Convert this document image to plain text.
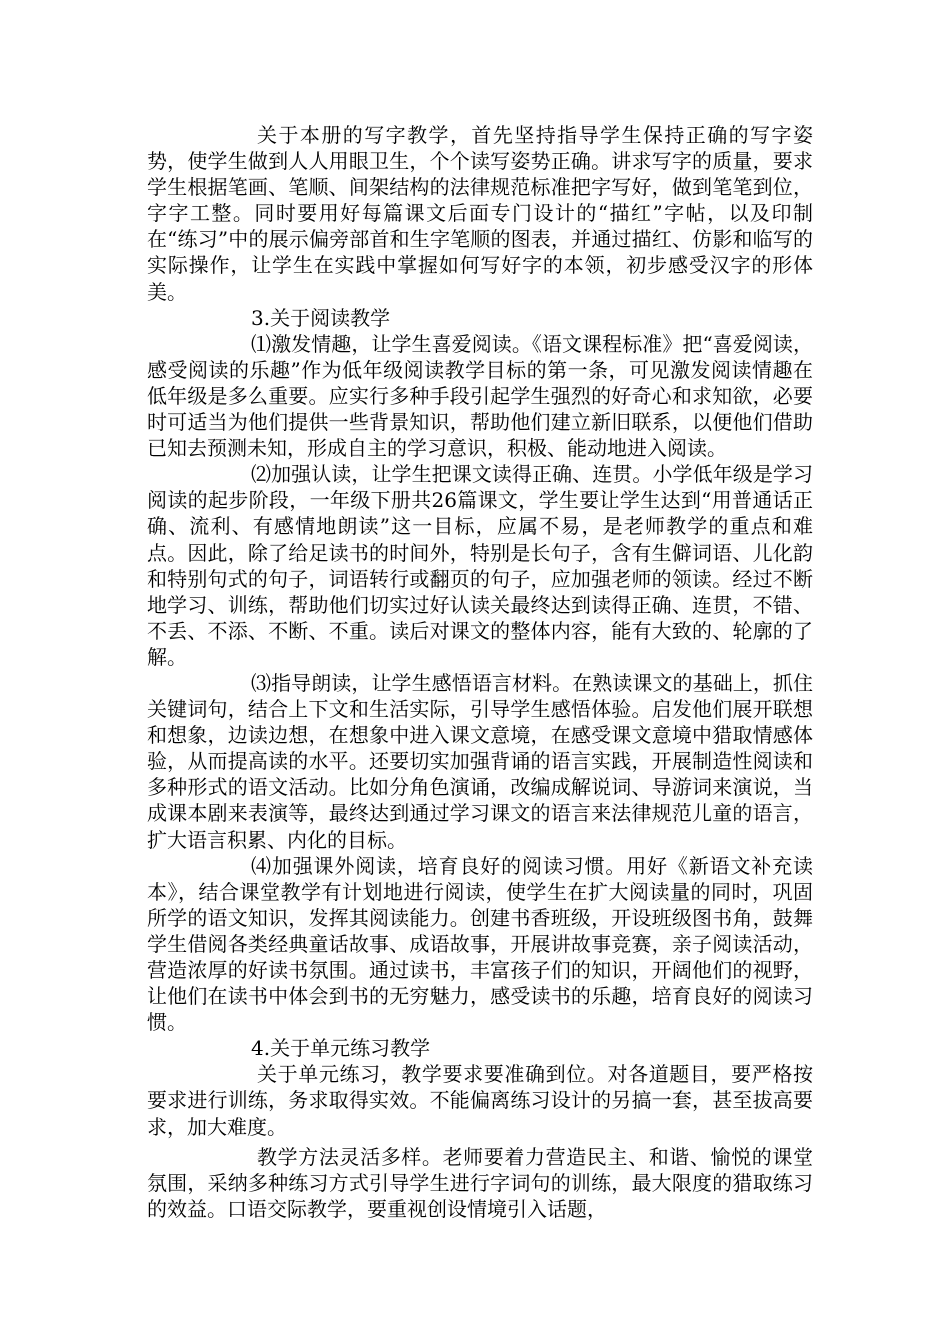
关于本册的写字教学，首先坚持指导学生保持正确的写字姿势，使学生做到人人用眼卫生，个个读写姿势正确。讲求写字的质量，要求学生根据笔画、笔顺、间架结构的法律规范标准把字写好，做到笔笔到位，字字工整。同时要用好每篇课文后面专门设计的“描红”字帖，以及印制在“练习”中的展示偏旁部首和生字笔顺的图表，并通过描红、仿影和临写的实际操作，让学生在实践中掌握如何写好字的本领，初步感受汉字的形体美。

3.关于阅读教学

⑴激发情趣，让学生喜爱阅读。《语文课程标准》把“喜爱阅读，感受阅读的乐趣”作为低年级阅读教学目标的第一条，可见激发阅读情趣在低年级是多么重要。应实行多种手段引起学生强烈的好奇心和求知欲，必要时可适当为他们提供一些背景知识，帮助他们建立新旧联系，以便他们借助已知去预测未知，形成自主的学习意识，积极、能动地进入阅读。

⑵加强认读，让学生把课文读得正确、连贯。小学低年级是学习阅读的起步阶段，一年级下册共26篇课文，学生要让学生达到“用普通话正确、流利、有感情地朗读”这一目标，应属不易，是老师教学的重点和难点。因此，除了给足读书的时间外，特别是长句子，含有生僻词语、儿化韵和特别句式的句子，词语转行或翻页的句子，应加强老师的领读。经过不断地学习、训练，帮助他们切实过好认读关最终达到读得正确、连贯，不错、不丢、不添、不断、不重。读后对课文的整体内容，能有大致的、轮廓的了解。

⑶指导朗读，让学生感悟语言材料。在熟读课文的基础上，抓住关键词句，结合上下文和生活实际，引导学生感悟体验。启发他们展开联想和想象，边读边想，在想象中进入课文意境，在感受课文意境中猎取情感体验，从而提高读的水平。还要切实加强背诵的语言实践，开展制造性阅读和多种形式的语文活动。比如分角色演诵，改编成解说词、导游词来演说，当成课本剧来表演等，最终达到通过学习课文的语言来法律规范儿童的语言，扩大语言积累、内化的目标。

⑷加强课外阅读，培育良好的阅读习惯。用好《新语文补充读本》，结合课堂教学有计划地进行阅读，使学生在扩大阅读量的同时，巩固所学的语文知识，发挥其阅读能力。创建书香班级，开设班级图书角，鼓舞学生借阅各类经典童话故事、成语故事，开展讲故事竞赛，亲子阅读活动，营造浓厚的好读书氛围。通过读书，丰富孩子们的知识，开阔他们的视野，让他们在读书中体会到书的无穷魅力，感受读书的乐趣，培育良好的阅读习惯。

4.关于单元练习教学

关于单元练习，教学要求要准确到位。对各道题目，要严格按要求进行训练，务求取得实效。不能偏离练习设计的另搞一套，甚至拔高要求，加大难度。

教学方法灵活多样。老师要着力营造民主、和谐、愉悦的课堂氛围，采纳多种练习方式引导学生进行字词句的训练，最大限度的猎取练习的效益。口语交际教学，要重视创设情境引入话题，
